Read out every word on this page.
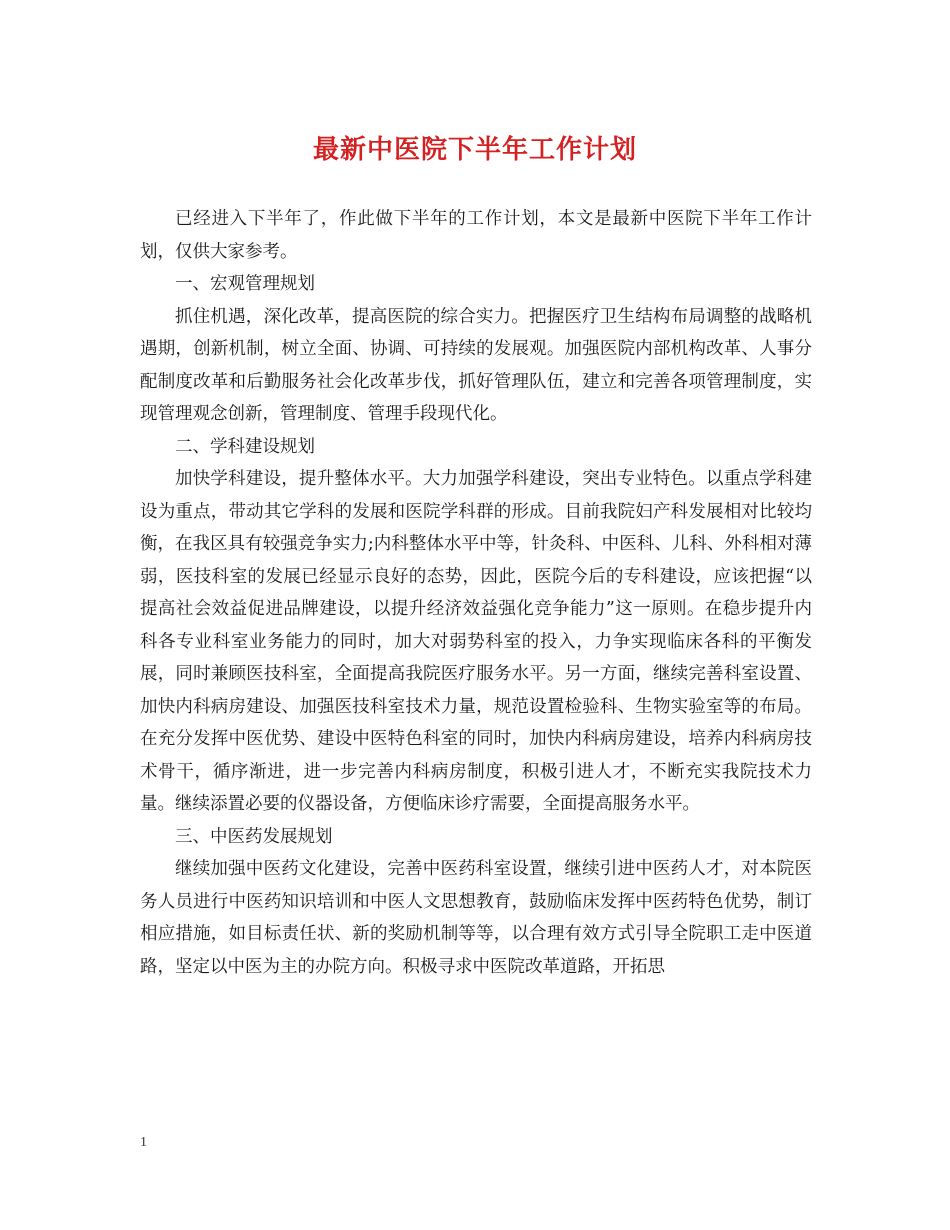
最新中医院下半年工作计划

已经进入下半年了，作此做下半年的工作计划，本文是最新中医院下半年工作计划，仅供大家参考。

一、宏观管理规划

抓住机遇，深化改革，提高医院的综合实力。把握医疗卫生结构布局调整的战略机遇期，创新机制，树立全面、协调、可持续的发展观。加强医院内部机构改革、人事分配制度改革和后勤服务社会化改革步伐，抓好管理队伍，建立和完善各项管理制度，实现管理观念创新，管理制度、管理手段现代化。

二、学科建设规划

加快学科建设，提升整体水平。大力加强学科建设，突出专业特色。以重点学科建设为重点，带动其它学科的发展和医院学科群的形成。目前我院妇产科发展相对比较均衡，在我区具有较强竞争实力;内科整体水平中等，针灸科、中医科、儿科、外科相对薄弱，医技科室的发展已经显示良好的态势，因此，医院今后的专科建设，应该把握“以提高社会效益促进品牌建设，以提升经济效益强化竞争能力”这一原则。在稳步提升内科各专业科室业务能力的同时，加大对弱势科室的投入，力争实现临床各科的平衡发展，同时兼顾医技科室，全面提高我院医疗服务水平。另一方面，继续完善科室设置、加快内科病房建设、加强医技科室技术力量，规范设置检验科、生物实验室等的布局。在充分发挥中医优势、建设中医特色科室的同时，加快内科病房建设，培养内科病房技术骨干，循序渐进，进一步完善内科病房制度，积极引进人才，不断充实我院技术力量。继续添置必要的仪器设备，方便临床诊疗需要，全面提高服务水平。

三、中医药发展规划

继续加强中医药文化建设，完善中医药科室设置，继续引进中医药人才，对本院医务人员进行中医药知识培训和中医人文思想教育，鼓励临床发挥中医药特色优势，制订相应措施，如目标责任状、新的奖励机制等等，以合理有效方式引导全院职工走中医道路，坚定以中医为主的办院方向。积极寻求中医院改革道路，开拓思

1
